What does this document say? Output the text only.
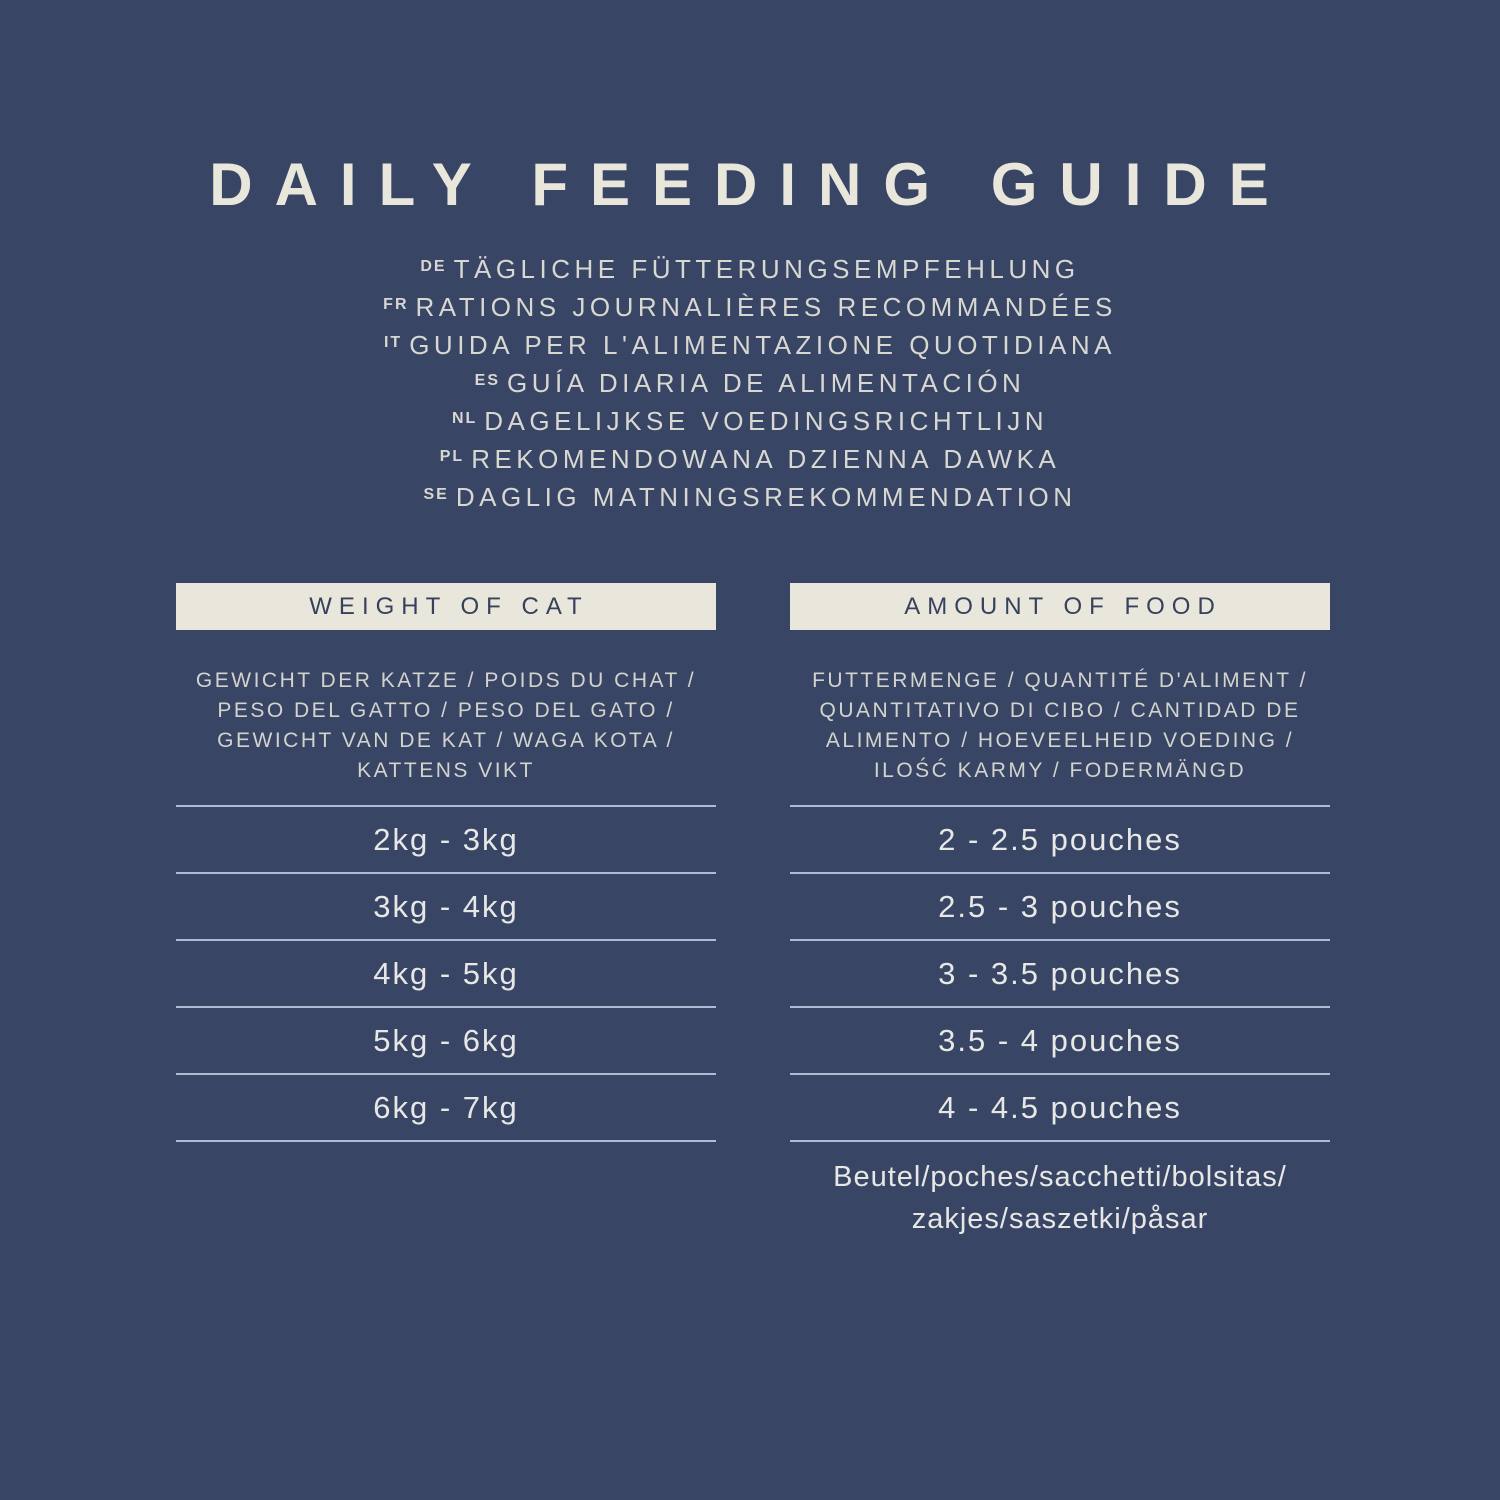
DAILY FEEDING GUIDE
DE TÄGLICHE FÜTTERUNGSEMPFEHLUNG
FR RATIONS JOURNALIÈRES RECOMMANDÉES
IT GUIDA PER L'ALIMENTAZIONE QUOTIDIANA
ES GUÍA DIARIA DE ALIMENTACIÓN
NL DAGELIJKSE VOEDINGSRICHTLIJN
PL REKOMENDOWANA DZIENNA DAWKA
SE DAGLIG MATNINGSREKOMMENDATION
WEIGHT OF CAT
GEWICHT DER KATZE / POIDS DU CHAT /
PESO DEL GATTO / PESO DEL GATO /
GEWICHT VAN DE KAT / WAGA KOTA /
KATTENS VIKT
2kg - 3kg
3kg - 4kg
4kg - 5kg
5kg - 6kg
6kg - 7kg
AMOUNT OF FOOD
FUTTERMENGE / QUANTITÉ D'ALIMENT /
QUANTITATIVO DI CIBO / CANTIDAD DE
ALIMENTO / HOEVEELHEID VOEDING /
ILOŚĆ KARMY / FODERMÄNGD
2 - 2.5 pouches
2.5 - 3 pouches
3 - 3.5 pouches
3.5 - 4 pouches
4 - 4.5 pouches
Beutel/poches/sacchetti/bolsitas/
zakjes/saszetki/påsar
